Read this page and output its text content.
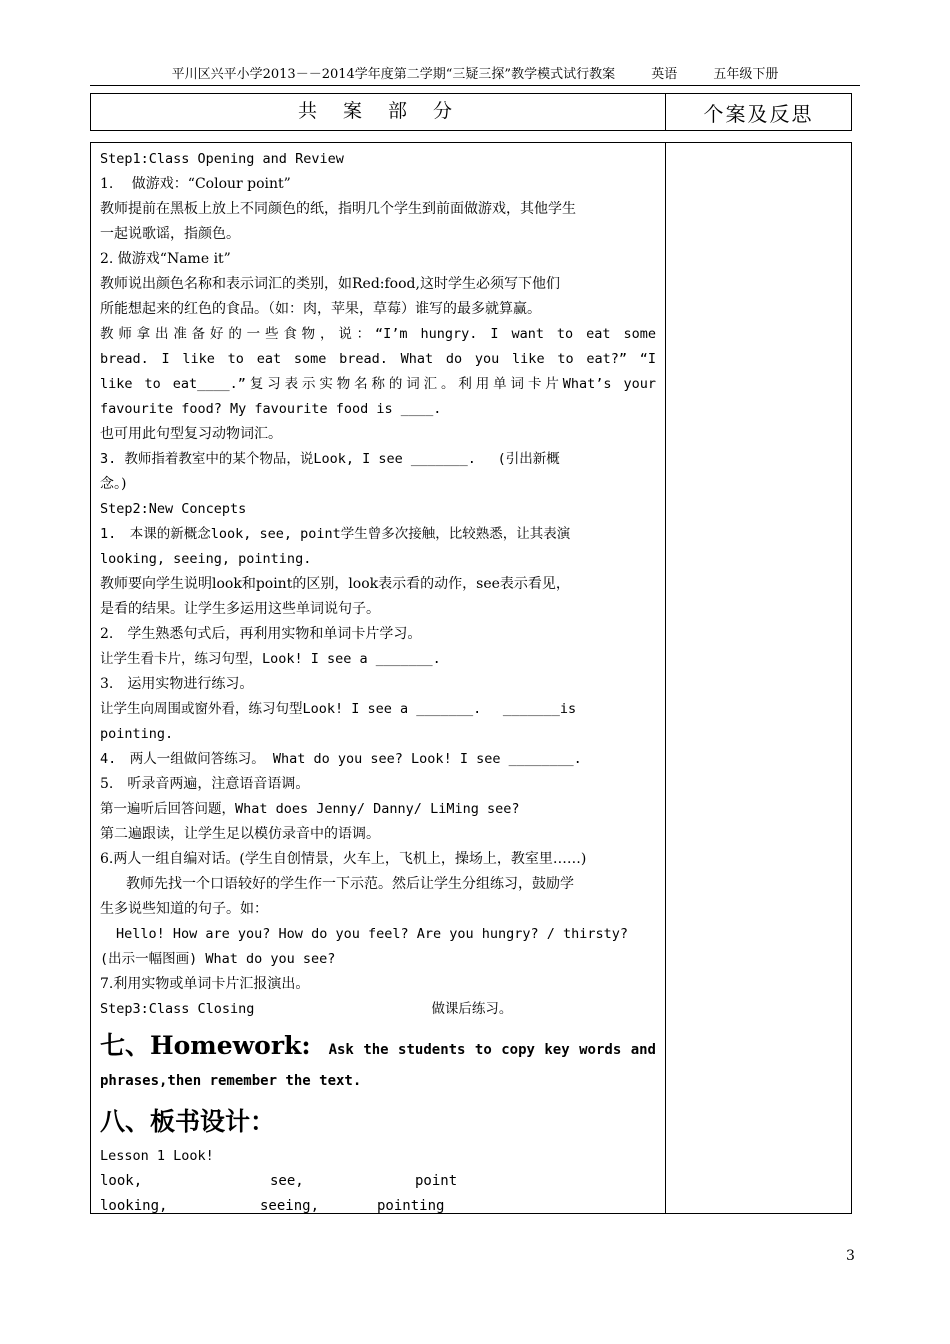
平川区兴平小学2013－－2014学年度第二学期“三疑三探”教学模式试行教案	英语	五年级下册
共案部分	个案及反思
Step1:Class Opening and Review
1.　 做游戏：“Colour point”
教师提前在黑板上放上不同颜色的纸，指明几个学生到前面做游戏，其他学生
一起说歌谣，指颜色。
2. 做游戏“Name it”
教师说出颜色名称和表示词汇的类别，如Red:food,这时学生必须写下他们
所能想起来的红色的食品。（如：肉，苹果，草莓）谁写的最多就算赢。
教师拿出准备好的一些食物，说：“I’m hungry. I want to eat some
bread. I like to eat some bread. What do you like to eat?” “I
like to eat____.”复习表示实物名称的词汇。利用单词卡片What’s your
favourite food? My favourite food is ____.
也可用此句型复习动物词汇。
3. 教师指着教室中的某个物品，说Look, I see _______.　 (引出新概
念。)
Step2:New Concepts
1.　本课的新概念look, see, point学生曾多次接触，比较熟悉，让其表演
looking, seeing, pointing.
教师要向学生说明look和point的区别，look表示看的动作，see表示看见，
是看的结果。让学生多运用这些单词说句子。
2.　学生熟悉句式后，再利用实物和单词卡片学习。
让学生看卡片，练习句型，Look! I see a _______.
3.　运用实物进行练习。
让学生向周围或窗外看，练习句型Look! I see a _______.　 _______is
pointing.
4.　两人一组做问答练习。 What do you see? Look! I see ________.
5.　听录音两遍，注意语音语调。
第一遍听后回答问题，What does Jenny/ Danny/ LiMing see?
第二遍跟读，让学生足以模仿录音中的语调。
6.两人一组自编对话。(学生自创情景，火车上，飞机上，操场上，教室里……)
教师先找一个口语较好的学生作一下示范。然后让学生分组练习，鼓励学
生多说些知道的句子。如：
Hello! How are you? How do you feel? Are you hungry? / thirsty?
(出示一幅图画) What do you see?
7.利用实物或单词卡片汇报演出。
Step3:Class Closing	做课后练习。
七、Homework: Ask the students to copy key words and
phrases,then remember the text.
八、板书设计：
Lesson 1 Look!
look,	see,	point
looking,	seeing,	pointing
3
